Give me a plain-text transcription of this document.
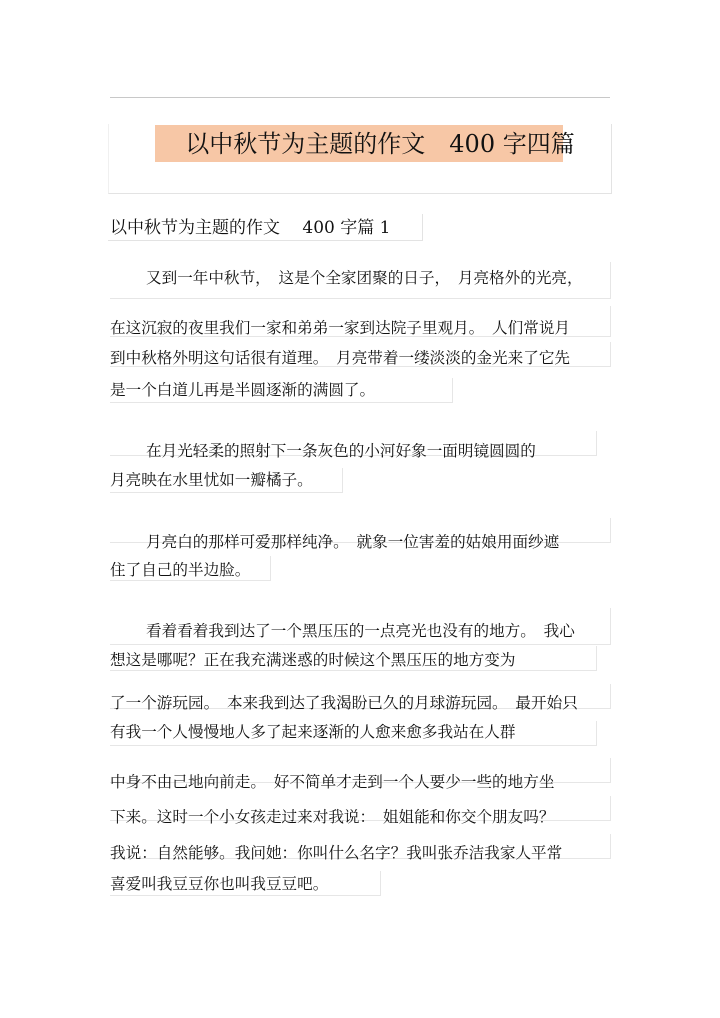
以中秋节为主题的作文　400 字四篇
以中秋节为主题的作文　 400 字篇 1
又到一年中秋节，　这是个全家团聚的日子，　月亮格外的光亮，
在这沉寂的夜里我们一家和弟弟一家到达院子里观月。　人们常说月
到中秋格外明这句话很有道理。　月亮带着一缕淡淡的金光来了它先
是一个白道儿再是半圆逐渐的满圆了。
在月光轻柔的照射下一条灰色的小河好象一面明镜圆圆的
月亮映在水里忧如一瓣橘子。
月亮白的那样可爱那样纯净。　就象一位害羞的姑娘用面纱遮
住了自己的半边脸。
看着看着我到达了一个黑压压的一点亮光也没有的地方。　我心
想这是哪呢？正在我充满迷惑的时候这个黑压压的地方变为
了一个游玩园。　本来我到达了我渴盼已久的月球游玩园。　最开始只
有我一个人慢慢地人多了起来逐渐的人愈来愈多我站在人群
中身不由己地向前走。　好不简单才走到一个人要少一些的地方坐
下来。这时一个小女孩走过来对我说：　姐姐能和你交个朋友吗？
我说：自然能够。我问她：你叫什么名字？我叫张乔洁我家人平常
喜爱叫我豆豆你也叫我豆豆吧。
